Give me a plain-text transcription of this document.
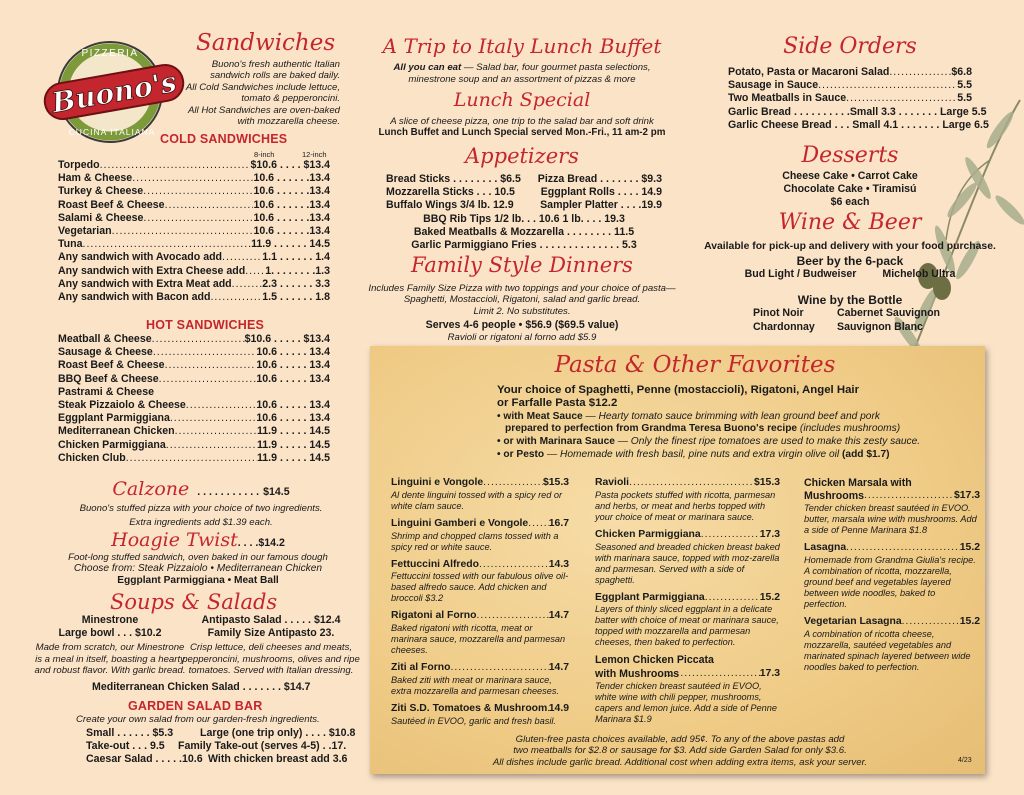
PIZZERIA
Buono's
CUCINA ITALIANA
Sandwiches
Buono's fresh authentic Italian
sandwich rolls are baked daily.
All Cold Sandwiches include lettuce,
tomato & pepperoncini.
All Hot Sandwiches are oven-baked
with mozzarella cheese.
COLD SANDWICHES
8-inch	12-inch
Torpedo .....	$10.6 . . . . $13.4
Ham & Cheese .....	10.6 . . . . . .13.4
Turkey & Cheese .....	10.6 . . . . . .13.4
Roast Beef & Cheese .....	10.6 . . . . . .13.4
Salami & Cheese .....	10.6 . . . . . .13.4
Vegetarian .....	10.6 . . . . . .13.4
Tuna .....	11.9 . . . . . . 14.5
Any sandwich with Avocado add .....	1.1 . . . . . . 1.4
Any sandwich with Extra Cheese add ..... 1. . . . . . . .1.3
Any sandwich with Extra Meat add .....	2.3 . . . . . . 3.3
Any sandwich with Bacon add .....	1.5 . . . . . . 1.8
HOT SANDWICHES
Meatball & Cheese .....	$10.6 . . . . . $13.4
Sausage & Cheese .....	10.6 . . . . . 13.4
Roast Beef & Cheese .....	10.6 . . . . . 13.4
BBQ Beef & Cheese .....	10.6 . . . . . 13.4
Pastrami & Cheese
Steak Pizzaiolo & Cheese .....	10.6 . . . . . 13.4
Eggplant Parmiggiana .....	10.6 . . . . . 13.4
Mediterranean Chicken .....	11.9 . . . . . 14.5
Chicken Parmiggiana .....	11.9 . . . . . 14.5
Chicken Club .....	11.9 . . . . . 14.5
Calzone . . . . . . . . . . . $14.5
Buono's stuffed pizza with your choice of two ingredients.
Extra ingredients add $1.39 each.
Hoagie Twist. . . .$14.2
Foot-long stuffed sandwich, oven baked in our famous dough
Choose from: Steak Pizzaiolo • Mediterranean Chicken
Eggplant Parmiggiana • Meat Ball
Soups & Salads
Minestrone
Large bowl . . . $10.2
Made from scratch, our Minestrone
is a meal in itself, boasting a hearty
and robust flavor. With garlic bread.
Antipasto Salad . . . . . $12.4
Family Size Antipasto 23.
Crisp lettuce, deli cheeses and meats,
pepperoncini, mushrooms, olives and ripe
tomatoes. Served with Italian dressing.
Mediterranean Chicken Salad . . . . . . . $14.7
GARDEN SALAD BAR
Create your own salad from our garden-fresh ingredients.
Small . . . . . . $5.3
Take-out . . . 9.5
Caesar Salad . . . . .10.6
Large (one trip only) . . . . $10.8
Family Take-out (serves 4-5) . .17.
With chicken breast add 3.6
A Trip to Italy Lunch Buffet
All you can eat — Salad bar, four gourmet pasta selections,
minestrone soup and an assortment of pizzas & more
Lunch Special
A slice of cheese pizza, one trip to the salad bar and soft drink
Lunch Buffet and Lunch Special served Mon.-Fri., 11 am-2 pm
Appetizers
Bread Sticks . . . . . . . . $6.5 Pizza Bread . . . . . . . $9.3
Mozzarella Sticks . . . 10.5 Eggplant Rolls . . . . 14.9
Buffalo Wings 3/4 lb. 12.9 Sampler Platter . . . .19.9
BBQ Rib Tips 1/2 lb. . . 10.6 1 lb. . . . 19.3
Baked Meatballs & Mozzarella . . . . . . . . 11.5
Garlic Parmiggiano Fries . . . . . . . . . . . . . . 5.3
Family Style Dinners
Includes Family Size Pizza with two toppings and your choice of pasta—
Spaghetti, Mostaccioli, Rigatoni, salad and garlic bread.
Limit 2. No substitutes.
Serves 4-6 people • $56.9 ($69.5 value)
Ravioli or rigatoni al forno add $5.9
Side Orders
Potato, Pasta or Macaroni Salad .....	$6.8
Sausage in Sauce .....	5.5
Two Meatballs in Sauce .....	5.5
Garlic Bread . . . . . . . . . .Small 3.3 . . . . . . . Large 5.5
Garlic Cheese Bread . . . Small 4.1 . . . . . . . Large 6.5
Desserts
Cheese Cake • Carrot Cake
Chocolate Cake • Tiramisú
$6 each
Wine & Beer
Available for pick-up and delivery with your food purchase.
Beer by the 6-pack
Bud Light / Budweiser Michelob Ultra
Wine by the Bottle
Pinot Noir	Cabernet Sauvignon
Chardonnay Sauvignon Blanc
Pasta & Other Favorites
Your choice of Spaghetti, Penne (mostaccioli), Rigatoni, Angel Hair
or Farfalle Pasta $12.2
• with Meat Sauce — Hearty tomato sauce brimming with lean ground beef and pork
prepared to perfection from Grandma Teresa Buono's recipe (includes mushrooms)
• or with Marinara Sauce — Only the finest ripe tomatoes are used to make this zesty sauce.
• or Pesto — Homemade with fresh basil, pine nuts and extra virgin olive oil (add $1.7)
Linguini e Vongole .....	$15.3
Al dente linguini tossed with a spicy red or white clam sauce.
Linguini Gamberi e Vongole ..... 16.7
Shrimp and chopped clams tossed with a spicy red or white sauce.
Fettuccini Alfredo .....	14.3
Fettuccini tossed with our fabulous olive oil-based alfredo sauce. Add chicken and broccoli $3.2
Rigatoni al Forno .....	14.7
Baked rigatoni with ricotta, meat or marinara sauce, mozzarella and parmesan cheeses.
Ziti al Forno .....	14.7
Baked ziti with meat or marinara sauce, extra mozzarella and parmesan cheeses.
Ziti S.D. Tomatoes & Mushroom ..... 14.9
Sautéed in EVOO, garlic and fresh basil.
Ravioli .....	$15.3
Pasta pockets stuffed with ricotta, parmesan and herbs, or meat and herbs topped with your choice of meat or marinara sauce.
Chicken Parmiggiana .....	17.3
Seasoned and breaded chicken breast baked with marinara sauce, topped with moz-zarella and parmesan. Served with a side of spaghetti.
Eggplant Parmiggiana .....	15.2
Layers of thinly sliced eggplant in a delicate batter with choice of meat or marinara sauce, topped with mozzarella and parmesan cheeses, then baked to perfection.
Lemon Chicken Piccata with Mushrooms .....	17.3
Tender chicken breast sautéed in EVOO, white wine with chili pepper, mushrooms, capers and lemon juice. Add a side of Penne Marinara $1.9
Chicken Marsala with Mushrooms .....	$17.3
Tender chicken breast sautéed in EVOO. butter, marsala wine with mushrooms. Add a side of Penne Marinara $1.8
Lasagna .....	15.2
Homemade from Grandma Giulia's recipe. A combination of ricotta, mozzarella, ground beef and vegetables layered between wide noodles, baked to perfection.
Vegetarian Lasagna .....	15.2
A combination of ricotta cheese, mozzarella, sautéed vegetables and marinated spinach layered between wide noodles baked to perfection.
Gluten-free pasta choices available, add 95¢. To any of the above pastas add
two meatballs for $2.8 or sausage for $3. Add side Garden Salad for only $3.6.
All dishes include garlic bread. Additional cost when adding extra items, ask your server.	4/23
